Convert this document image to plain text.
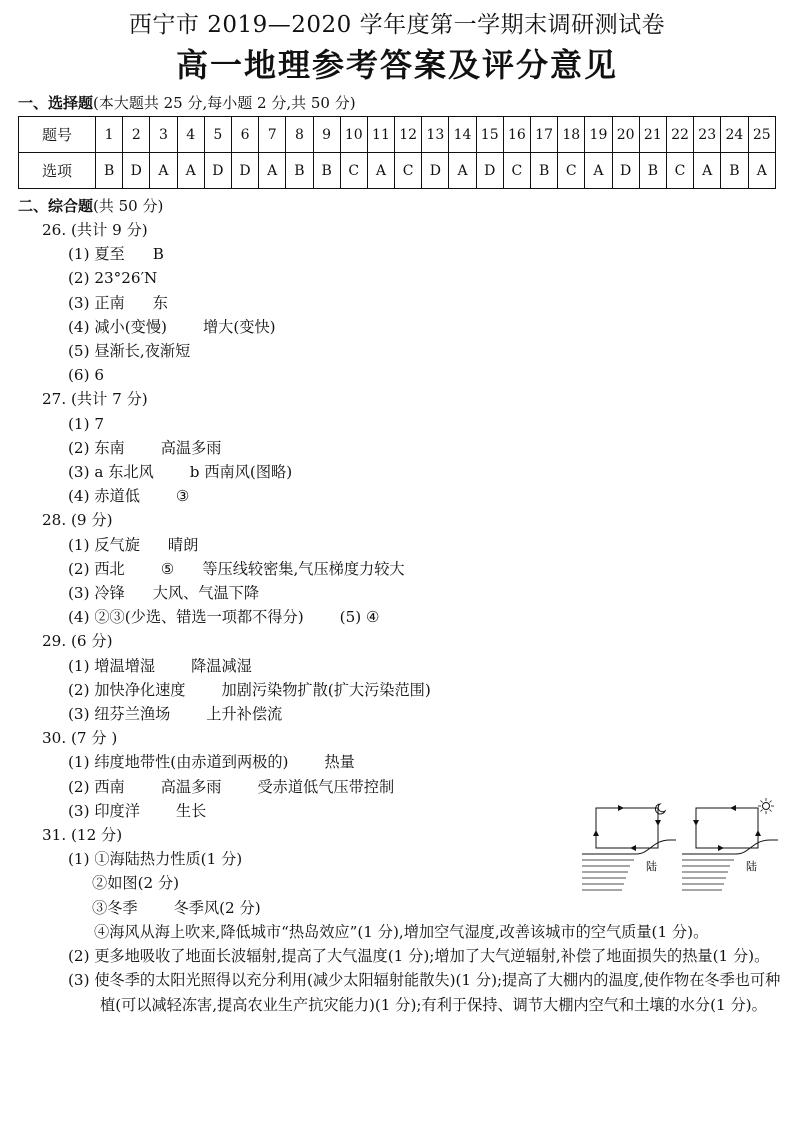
西宁市 2019—2020 学年度第一学期末调研测试卷
高一地理参考答案及评分意见
一、选择题(本大题共 25 分,每小题 2 分,共 50 分)
题号	1	2	3	4	5	6	7	8	9	10	11	12	13	14	15	16	17	18	19	20	21	22	23	24	25
选项	B	D	A	A	D	D	A	B	B	C	A	C	D	A	D	C	B	C	A	D	B	C	A	B	A
二、综合题(共 50 分)
26. (共计 9 分)
(1) 夏至 B
(2) 23°26′N
(3) 正南 东
(4) 减小(变慢) 增大(变快)
(5) 昼渐长,夜渐短
(6) 6
27. (共计 7 分)
(1) 7
(2) 东南 高温多雨
(3) a 东北风 b 西南风(图略)
(4) 赤道低 ③
28. (9 分)
(1) 反气旋 晴朗
(2) 西北 ⑤ 等压线较密集,气压梯度力较大
(3) 冷锋 大风、气温下降
(4) ②③(少选、错选一项都不得分) (5) ④
29. (6 分)
(1) 增温增湿 降温减湿
(2) 加快净化速度 加剧污染物扩散(扩大污染范围)
(3) 纽芬兰渔场 上升补偿流
30. (7 分 )
(1) 纬度地带性(由赤道到两极的) 热量
(2) 西南 高温多雨 受赤道低气压带控制
(3) 印度洋 生长
31. (12 分)
(1) ①海陆热力性质(1 分)
②如图(2 分)
③冬季 冬季风(2 分)
④海风从海上吹来,降低城市“热岛效应”(1 分),增加空气湿度,改善该城市的空气质量(1 分)。
(2) 更多地吸收了地面长波辐射,提高了大气温度(1 分);增加了大气逆辐射,补偿了地面损失的热量(1 分)。
(3) 使冬季的太阳光照得以充分利用(减少太阳辐射能散失)(1 分);提高了大棚内的温度,使作物在冬季也可种植(可以减轻冻害,提高农业生产抗灾能力)(1 分);有利于保持、调节大棚内空气和土壤的水分(1 分)。
陆	陆
